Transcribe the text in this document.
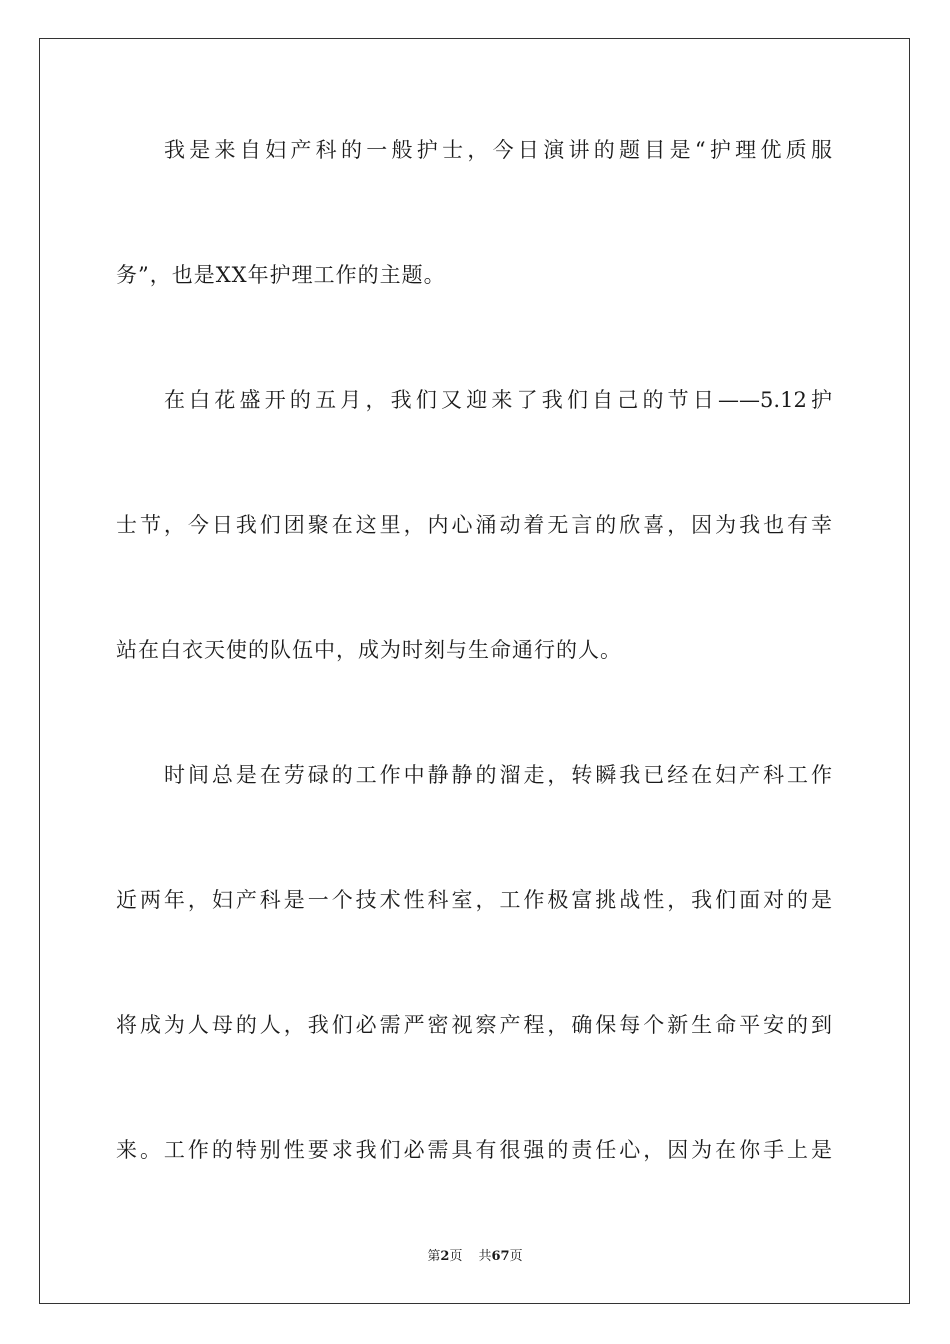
我是来自妇产科的一般护士，今日演讲的题目是“护理优质服
务”，也是XX年护理工作的主题。
在白花盛开的五月，我们又迎来了我们自己的节日——5.12护
士节，今日我们团聚在这里，内心涌动着无言的欣喜，因为我也有幸
站在白衣天使的队伍中，成为时刻与生命通行的人。
时间总是在劳碌的工作中静静的溜走，转瞬我已经在妇产科工作
近两年，妇产科是一个技术性科室，工作极富挑战性，我们面对的是
将成为人母的人，我们必需严密视察产程，确保每个新生命平安的到
来。工作的特别性要求我们必需具有很强的责任心，因为在你手上是
第2页 共67页
